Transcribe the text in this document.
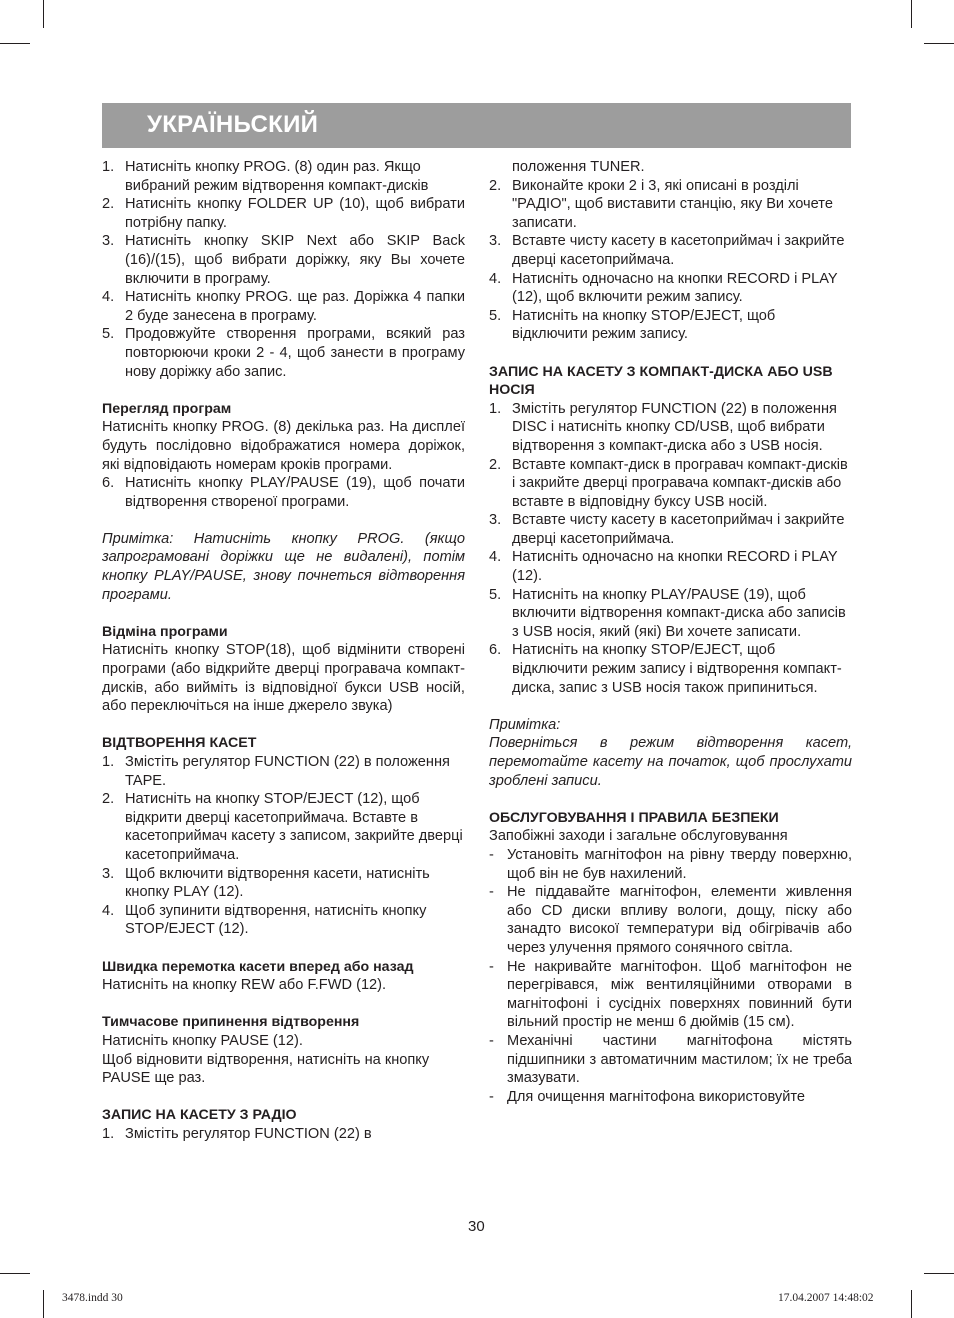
УКРАЇНЬСКИЙ
1. Натисніть кнопку PROG. (8) один раз. Якщо вибраний режим відтворення компакт-дисків
2. Натисніть кнопку FOLDER UP (10), щоб вибрати потрібну папку.
3. Натисніть кнопку SKIP Next або SKIP Back (16)/(15), щоб вибрати доріжку, яку Вы хочете включити в програму.
4. Натисніть кнопку PROG. ще раз. Доріжка 4 папки 2 буде занесена в програму.
5. Продовжуйте створення програми, всякий раз повторюючи кроки 2 - 4, щоб занести в програму нову доріжку або запис.
Перегляд програм
Натисніть кнопку PROG. (8) декілька раз. На дисплеї будуть послідовно відображатися номера доріжок, які відповідають номерам кроків програми.
6. Натисніть кнопку PLAY/PAUSE (19), щоб почати відтворення створеної програми.
Примітка: Натисніть кнопку PROG. (якщо запрограмовані доріжки ще не видалені), потім кнопку PLAY/PAUSE, знову почнеться відтворення програми.
Відміна програми
Натисніть кнопку STOP(18), щоб відмінити створені програми (або відкрийте дверці програвача компакт-дисків, або вийміть із відповідної букси USB носій, або переключіться на інше джерело звука)
ВІДТВОРЕННЯ КАСЕТ
1. Змістіть регулятор FUNCTION (22) в положення TAPE.
2. Натисніть на кнопку STOP/EJECT (12), щоб відкрити дверці касетоприймача. Вставте в касетоприймач касету з записом, закрийте дверці касетоприймача.
3. Щоб включити відтворення касети, натисніть кнопку PLAY (12).
4. Щоб зупинити відтворення, натисніть кнопку STOP/EJECT (12).
Швидка перемотка касети вперед або назад
Натисніть на кнопку REW або F.FWD (12).
Тимчасове припинення відтворення
Натисніть кнопку PAUSE (12).
Щоб відновити відтворення, натисніть на кнопку PAUSE ще раз.
ЗАПИС НА КАСЕТУ З РАДІО
1. Змістіть регулятор FUNCTION (22) в
положення TUNER.
2. Виконайте кроки 2 і 3, які описані в розділі "РАДІО", щоб виставити станцію, яку Ви хочете записати.
3. Вставте чисту касету в касетоприймач і закрийте дверці касетоприймача.
4. Натисніть одночасно на кнопки RECORD і PLAY (12), щоб включити режим запису.
5. Натисніть на кнопку STOP/EJECT, щоб відключити режим запису.
ЗАПИС НА КАСЕТУ З КОМПАКТ-ДИСКА АБО USB НОСІЯ
1. Змістіть регулятор FUNCTION (22) в положення DISC і натисніть кнопку CD/USB, щоб вибрати відтворення з компакт-диска або з USB носія.
2. Вставте компакт-диск в програвач компакт-дисків і закрийте дверці програвача компакт-дисків або вставте в відповідну буксу USB носій.
3. Вставте чисту касету в касетоприймач і закрийте дверці касетоприймача.
4. Натисніть одночасно на кнопки RECORD і PLAY (12).
5. Натисніть на кнопку PLAY/PAUSE (19), щоб включити відтворення компакт-диска або записів з USB носія, який (які) Ви хочете записати.
6. Натисніть на кнопку STOP/EJECT, щоб відключити режим запису і відтворення компакт-диска, запис з USB носія також припиниться.
Примітка:
Поверніться в режим відтворення касет, перемотайте касету на початок, щоб прослухати зроблені записи.
ОБСЛУГОВУВАННЯ І ПРАВИЛА БЕЗПЕКИ
Запобіжні заходи і загальне обслуговування
- Установіть магнітофон на рівну тверду поверхню, щоб він не був нахилений.
- Не піддавайте магнітофон, елементи живлення або CD диски впливу вологи, дощу, піску або занадто високої температури від обігрівачів або через улучення прямого сонячного світла.
- Не накривайте магнітофон. Щоб магнітофон не перегрівався, між вентиляційними отворами в магнітофоні і сусідніх поверхнях повинний бути вільний простір не менш 6 дюймів (15 см).
- Механічні частини магнітофона містять підшипники з автоматичним мастилом; їх не треба змазувати.
- Для очищення магнітофона використовуйте
30
3478.indd 30	17.04.2007 14:48:02
